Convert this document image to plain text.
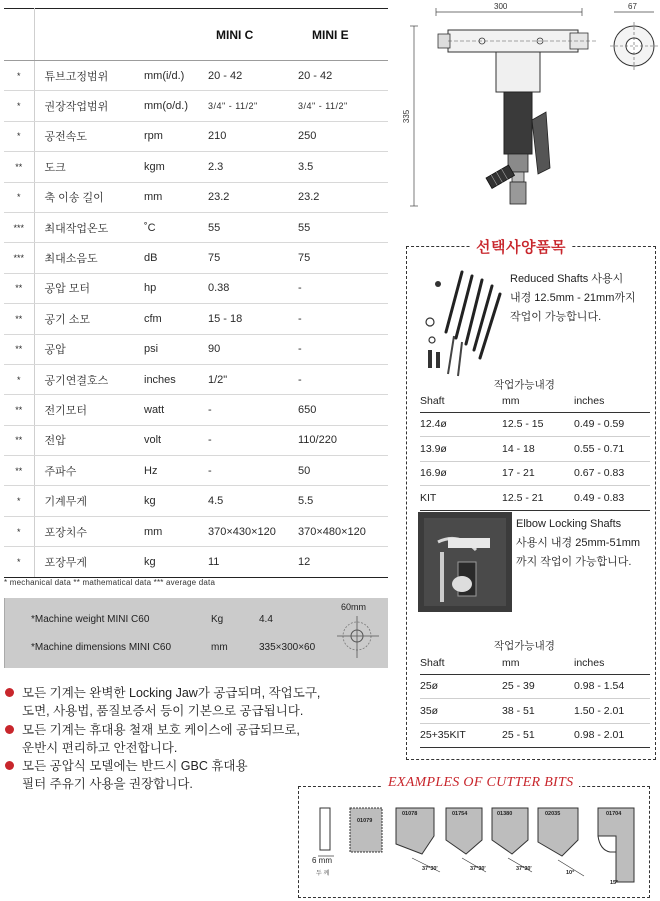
			MINI C	MINI E
*	튜브고정범위	mm(i/d.)	20 - 42	20 - 42
*	권장작업범위	mm(o/d.)	3/4" - 11/2"	3/4" - 11/2"
*	공전속도	rpm	210	250
**	도크	kgm	2.3	3.5
*	축 이송 길이	mm	23.2	23.2
***	최대작업온도	˚C	55	55
***	최대소음도	dB	75	75
**	공압 모터	hp	0.38	-
**	공기 소모	cfm	15 - 18	-
**	공압	psi	90	-
*	공기연결호스	inches	1/2"	-
**	전기모터	watt	-	650
**	전압	volt	-	110/220
**	주파수	Hz	-	50
*	기계무게	kg	4.5	5.5
*	포장치수	mm	370×430×120	370×480×120
*	포장무게	kg	11	12
* mechanical data ** mathematical data *** average data
*Machine weight MINI C60	Kg	4.4
*Machine dimensions MINI C60	mm	335×300×60
60mm
모든 기계는 완벽한 Locking Jaw가 공급되며, 작업도구,
도면, 사용법, 품질보증서 등이 기본으로 공급됩니다.
모든 기계는 휴대용 철재 보호 케이스에 공급되므로,
운반시 편리하고 안전합니다.
모든 공압식 모델에는 반드시 GBC 휴대용
필터 주유기 사용을 권장합니다.
300	67
335
선택사양품목
Reduced Shafts 사용시
내경 12.5mm - 21mm까지
작업이 가능합니다.
작업가능내경
Shaft	mm	inches
12.4ø	12.5 - 15	0.49 - 0.59
13.9ø	14 - 18	0.55 - 0.71
16.9ø	17 - 21	0.67 - 0.83
KIT	12.5 - 21	0.49 - 0.83
Elbow Locking Shafts
사용시 내경 25mm-51mm
까지 작업이 가능합니다.
작업가능내경
Shaft	mm	inches
25ø	25 - 39	0.98 - 1.54
35ø	38 - 51	1.50 - 2.01
25+35KIT	25 - 51	0.98 - 2.01
EXAMPLES OF CUTTER BITS
01079
01078	01754	01380	02035	01704
37°30'	37°30'	37°30'
10°
15°
6 mm
두 께
